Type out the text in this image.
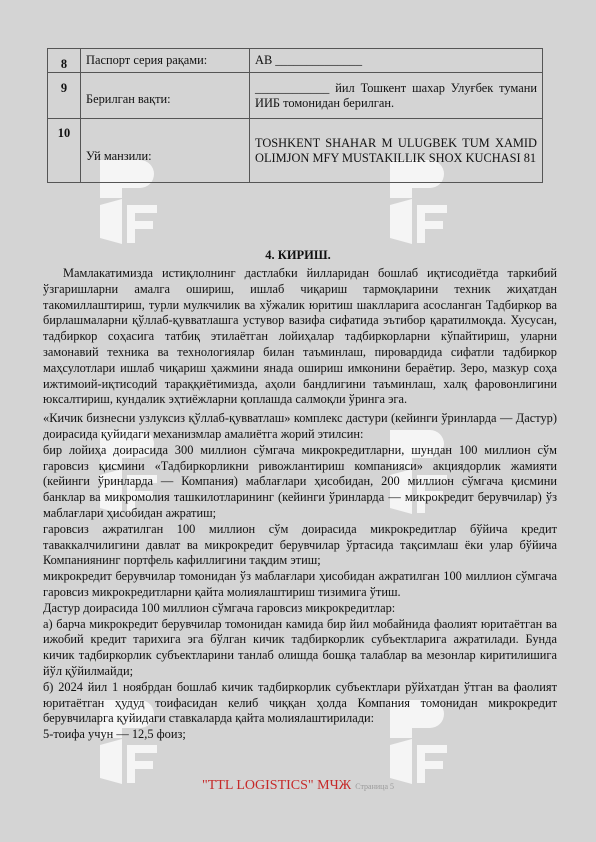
8	Паспорт серия рақами:	АВ ______________
9	Берилган вақти:	____________ йил Тошкент шахар Улуғбек тумани ИИБ томонидан берилган.
10	Уй манзили:	TOSHKENT SHAHAR M ULUGBEK TUM XAMID OLIMJON MFY MUSTAKILLIK SHOX KUCHASI 81
4. КИРИШ.

Мамлакатимизда истиқлолнинг дастлабки йилларидан бошлаб иқтисодиётда таркибий ўзгаришларни амалга ошириш, ишлаб чиқариш тармоқларини техник жиҳатдан такомиллаштириш, турли мулкчилик ва хўжалик юритиш шаклларига асосланган Тадбиркор ва бирлашмаларни қўллаб-қувватлашга устувор вазифа сифатида эътибор қаратилмоқда. Хусусан, тадбиркор соҳасига татбиқ этилаётган лойиҳалар тадбиркорларни кўпайтириш, уларни замонавий техника ва технологиялар билан таъминлаш, пировардида сифатли тадбиркор маҳсулотлари ишлаб чиқариш ҳажмини янада ошириш имконини бераётир. Зеро, мазкур соҳа ижтимоий-иқтисодий тараққиётимизда, аҳоли бандлигини таъминлаш, халқ фаровонлигини юксалтириш, кундалик эҳтиёжларни қоплашда салмоқли ўринга эга.

«Кичик бизнесни узлуксиз қўллаб-қувватлаш» комплекс дастури (кейинги ўринларда — Дастур) доирасида қуйидаги механизмлар амалиётга жорий этилсин:

бир лойиҳа доирасида 300 миллион сўмгача микрокредитларни, шундан 100 миллион сўм гаровсиз қисмини «Тадбиркорликни ривожлантириш компанияси» акциядорлик жамияти (кейинги ўринларда — Компания) маблағлари ҳисобидан, 200 миллион сўмгача қисмини банклар ва микромолия ташкилотларининг (кейинги ўринларда — микрокредит берувчилар) ўз маблағлари ҳисобидан ажратиш;

гаровсиз ажратилган 100 миллион сўм доирасида микрокредитлар бўйича кредит таваккалчилигини давлат ва микрокредит берувчилар ўртасида тақсимлаш ёки улар бўйича Компаниянинг портфель кафиллигини тақдим этиш;

микрокредит берувчилар томонидан ўз маблағлари ҳисобидан ажратилган 100 миллион сўмгача гаровсиз микрокредитларни қайта молиялаштириш тизимига ўтиш.

Дастур доирасида 100 миллион сўмгача гаровсиз микрокредитлар:

а) барча микрокредит берувчилар томонидан камида бир йил мобайнида фаолият юритаётган ва ижобий кредит тарихига эга бўлган кичик тадбиркорлик субъектларига ажратилади. Бунда кичик тадбиркорлик субъектларини танлаб олишда бошқа талаблар ва мезонлар киритилишига йўл қўйилмайди;

б) 2024 йил 1 ноябрдан бошлаб кичик тадбиркорлик субъектлари рўйхатдан ўтган ва фаолият юритаётган ҳудуд тоифасидан келиб чиққан ҳолда Компания томонидан микрокредит берувчиларга қуйидаги ставкаларда қайта молиялаштирилади:

5-тоифа учун — 12,5 фоиз;

"TTL LOGISTICS" МЧЖ Страница 5
